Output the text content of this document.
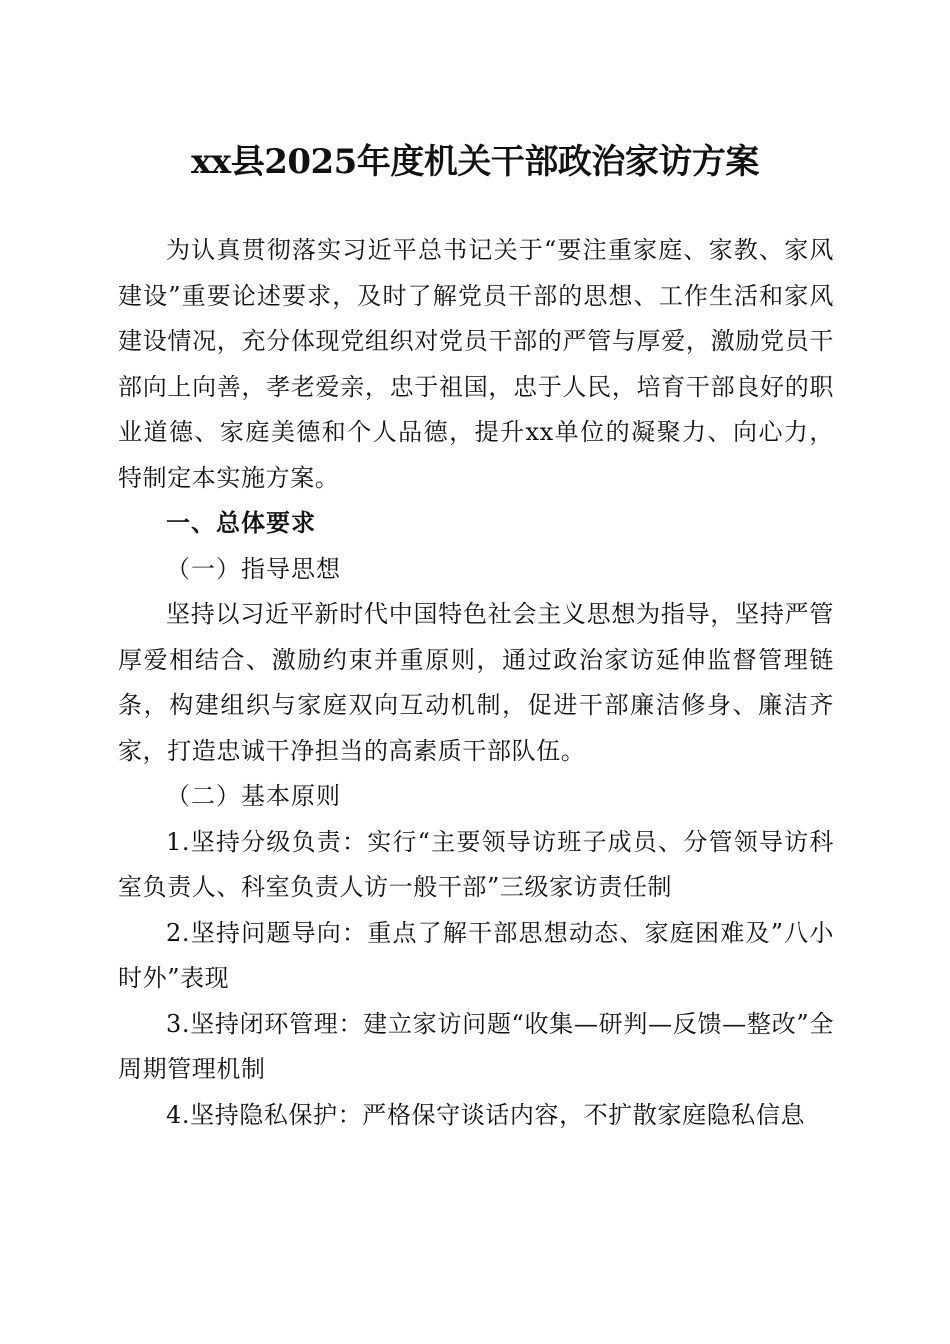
xx县2025年度机关干部政治家访方案

为认真贯彻落实习近平总书记关于“要注重家庭、家教、家风建设”重要论述要求，及时了解党员干部的思想、工作生活和家风建设情况，充分体现党组织对党员干部的严管与厚爱，激励党员干部向上向善，孝老爱亲，忠于祖国，忠于人民，培育干部良好的职业道德、家庭美德和个人品德，提升xx单位的凝聚力、向心力，特制定本实施方案。

一、总体要求

（一）指导思想

坚持以习近平新时代中国特色社会主义思想为指导，坚持严管厚爱相结合、激励约束并重原则，通过政治家访延伸监督管理链条，构建组织与家庭双向互动机制，促进干部廉洁修身、廉洁齐家，打造忠诚干净担当的高素质干部队伍。

（二）基本原则

1.坚持分级负责：实行“主要领导访班子成员、分管领导访科室负责人、科室负责人访一般干部”三级家访责任制

2.坚持问题导向：重点了解干部思想动态、家庭困难及”八小时外”表现

3.坚持闭环管理：建立家访问题“收集—研判—反馈—整改”全周期管理机制

4.坚持隐私保护：严格保守谈话内容，不扩散家庭隐私信息
